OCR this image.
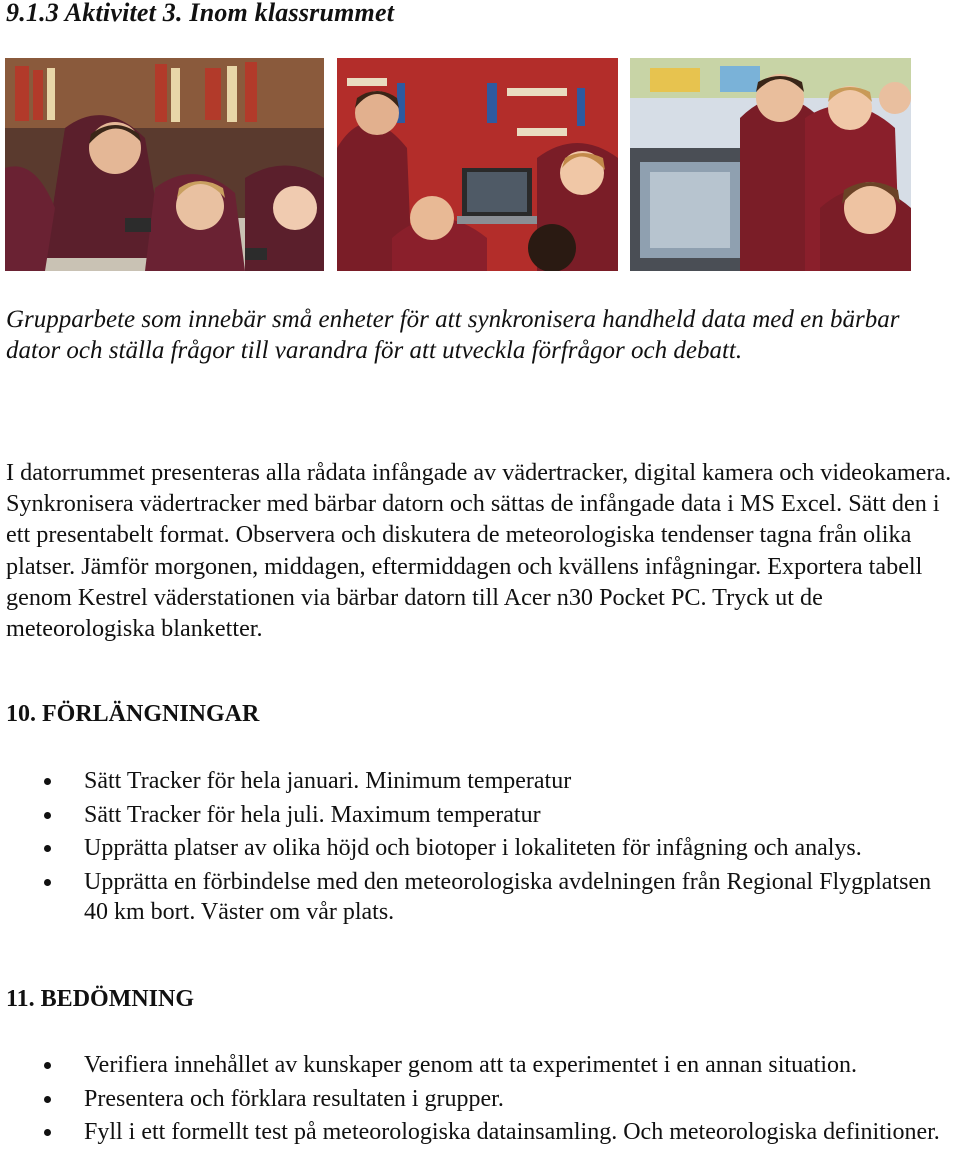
9.1.3 Aktivitet 3. Inom klassrummet

Grupparbete som innebär små enheter för att synkronisera handheld data med en bärbar dator och ställa frågor till varandra för att utveckla förfrågor och debatt.

I datorrummet presenteras alla rådata infångade av vädertracker, digital kamera och videokamera. Synkronisera vädertracker med bärbar datorn och sättas de infångade data i MS Excel. Sätt den i ett presentabelt format. Observera och diskutera de meteorologiska tendenser tagna från olika platser. Jämför morgonen, middagen, eftermiddagen och kvällens infågningar. Exportera tabell genom Kestrel väderstationen via bärbar datorn till Acer n30 Pocket PC. Tryck ut de meteorologiska blanketter.

10. FÖRLÄNGNINGAR
Sätt Tracker för hela januari. Minimum temperatur
Sätt Tracker för hela juli. Maximum temperatur
Upprätta platser av olika höjd och biotoper i lokaliteten för infågning och analys.
Upprätta en förbindelse med den meteorologiska avdelningen från Regional Flygplatsen 40 km bort. Väster om vår plats.
11. BEDÖMNING
Verifiera innehållet av kunskaper genom att ta experimentet i en annan situation.
Presentera och förklara resultaten i grupper.
Fyll i ett formellt test på meteorologiska datainsamling. Och meteorologiska definitioner.
